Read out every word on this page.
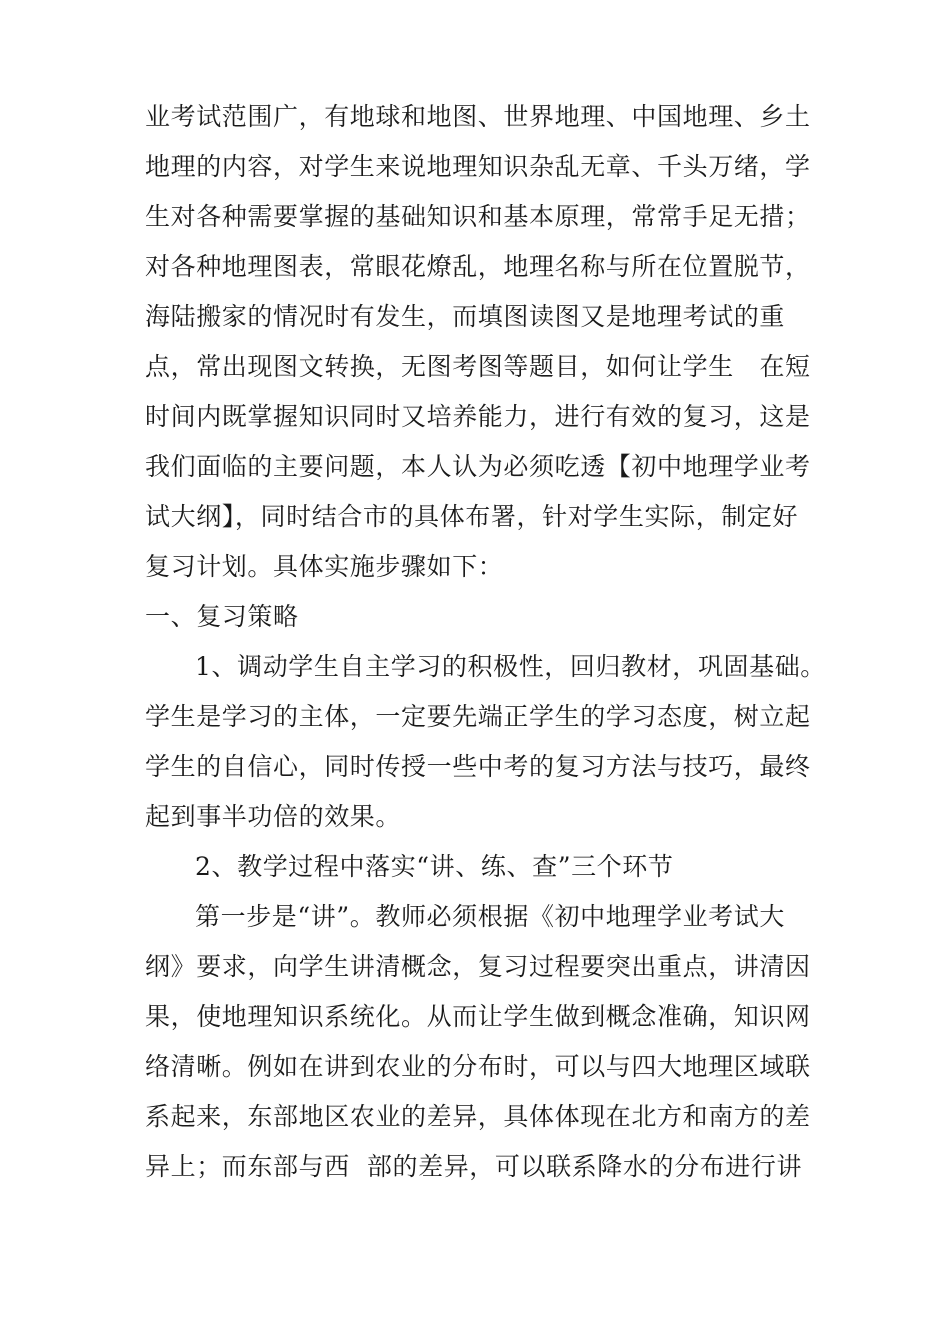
业考试范围广，有地球和地图、世界地理、中国地理、乡土
地理的内容，对学生来说地理知识杂乱无章、千头万绪，学
生对各种需要掌握的基础知识和基本原理，常常手足无措；
对各种地理图表，常眼花燎乱，地理名称与所在位置脱节，
海陆搬家的情况时有发生，而填图读图又是地理考试的重
点，常出现图文转换，无图考图等题目，如何让学生   在短
时间内既掌握知识同时又培养能力，进行有效的复习，这是
我们面临的主要问题，本人认为必须吃透【初中地理学业考
试大纲】，同时结合市的具体布署，针对学生实际，制定好
复习计划。具体实施步骤如下：
一、复习策略
1、调动学生自主学习的积极性，回归教材，巩固基础。
学生是学习的主体，一定要先端正学生的学习态度，树立起
学生的自信心，同时传授一些中考的复习方法与技巧，最终
起到事半功倍的效果。
2、教学过程中落实“讲、练、查”三个环节
第一步是“讲”。教师必须根据《初中地理学业考试大
纲》要求，向学生讲清概念，复习过程要突出重点，讲清因
果，使地理知识系统化。从而让学生做到概念准确，知识网
络清晰。例如在讲到农业的分布时，可以与四大地理区域联
系起来，东部地区农业的差异，具体体现在北方和南方的差
异上；而东部与西  部的差异，可以联系降水的分布进行讲
